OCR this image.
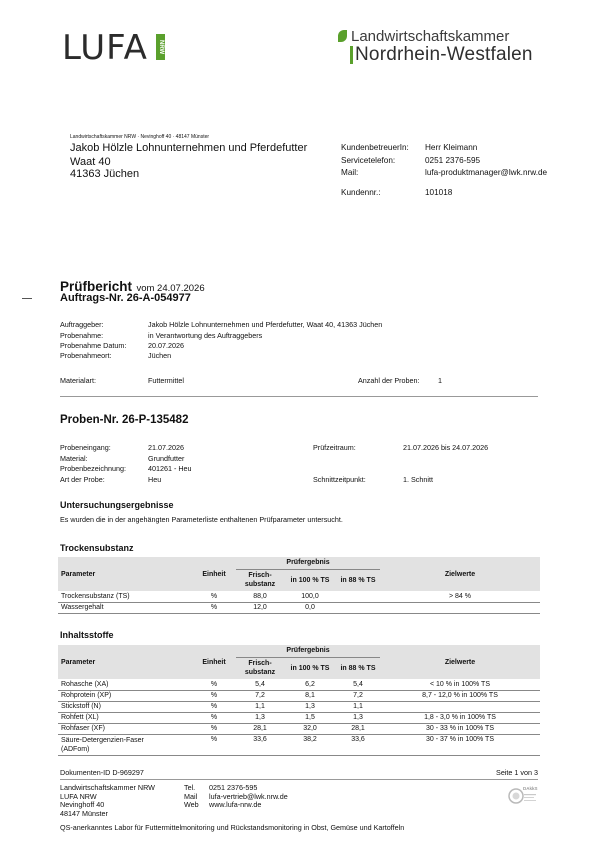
LUFA	NRW
Landwirtschaftskammer
Nordrhein-Westfalen
Landwirtschaftskammer NRW · Nevinghoff 40 · 48147 Münster
Jakob Hölzle Lohnunternehmen und Pferdefutter
Waat 40
41363 Jüchen
KundenbetreuerIn: Herr Kleimann
Servicetelefon:	0251 2376-595
Mail:	lufa-produktmanager@lwk.nrw.de
Kundennr.:	101018
Prüfbericht vom 24.07.2026
Auftrags-Nr. 26-A-054977
Auftraggeber:	Jakob Hölzle Lohnunternehmen und Pferdefutter, Waat 40, 41363 Jüchen
Probenahme:	in Verantwortung des Auftraggebers
Probenahme Datum:	20.07.2026
Probenahmeort:	Jüchen
Materialart:	Futtermittel	Anzahl der Proben:	1
Proben-Nr. 26-P-135482
Probeneingang:	21.07.2026
Material:	Grundfutter
Probenbezeichnung:	401261 - Heu
Art der Probe:	Heu
Prüfzeitraum:	21.07.2026 bis 24.07.2026
Schnittzeitpunkt:	1. Schnitt
Untersuchungsergebnisse
Es wurden die in der angehängten Parameterliste enthaltenen Prüfparameter untersucht.
Trockensubstanz
Parameter	Einheit	Prüfergebnis			Zielwerte
		Frisch-
substanz	in 100 % TS	in 88 % TS	
Trockensubstanz (TS)	%	88,0	100,0		> 84 %
Wassergehalt	%	12,0	0,0		
Inhaltsstoffe
Parameter	Einheit	Prüfergebnis			Zielwerte
		Frisch-
substanz	in 100 % TS	in 88 % TS	
Rohasche (XA)	%	5,4	6,2	5,4	< 10 % in 100% TS
Rohprotein (XP)	%	7,2	8,1	7,2	8,7 - 12,0 % in 100% TS
Stickstoff (N)	%	1,1	1,3	1,1	
Rohfett (XL)	%	1,3	1,5	1,3	1,8 - 3,0 % in 100% TS
Rohfaser (XF)	%	28,1	32,0	28,1	30 - 33 % in 100% TS
Säure-Detergenzien-Faser
(ADFom)	%	33,6	38,2	33,6	30 - 37 % in 100% TS
Dokumenten-ID D-969297	Seite 1 von 3
Landwirtschaftskammer NRW
LUFA NRW
Nevinghoff 40
48147 Münster
Tel. 0251 2376-595
Mail lufa-vertrieb@lwk.nrw.de
Web www.lufa-nrw.de
DAkkS
QS-anerkanntes Labor für Futtermittelmonitoring und Rückstandsmonitoring in Obst, Gemüse und Kartoffeln
